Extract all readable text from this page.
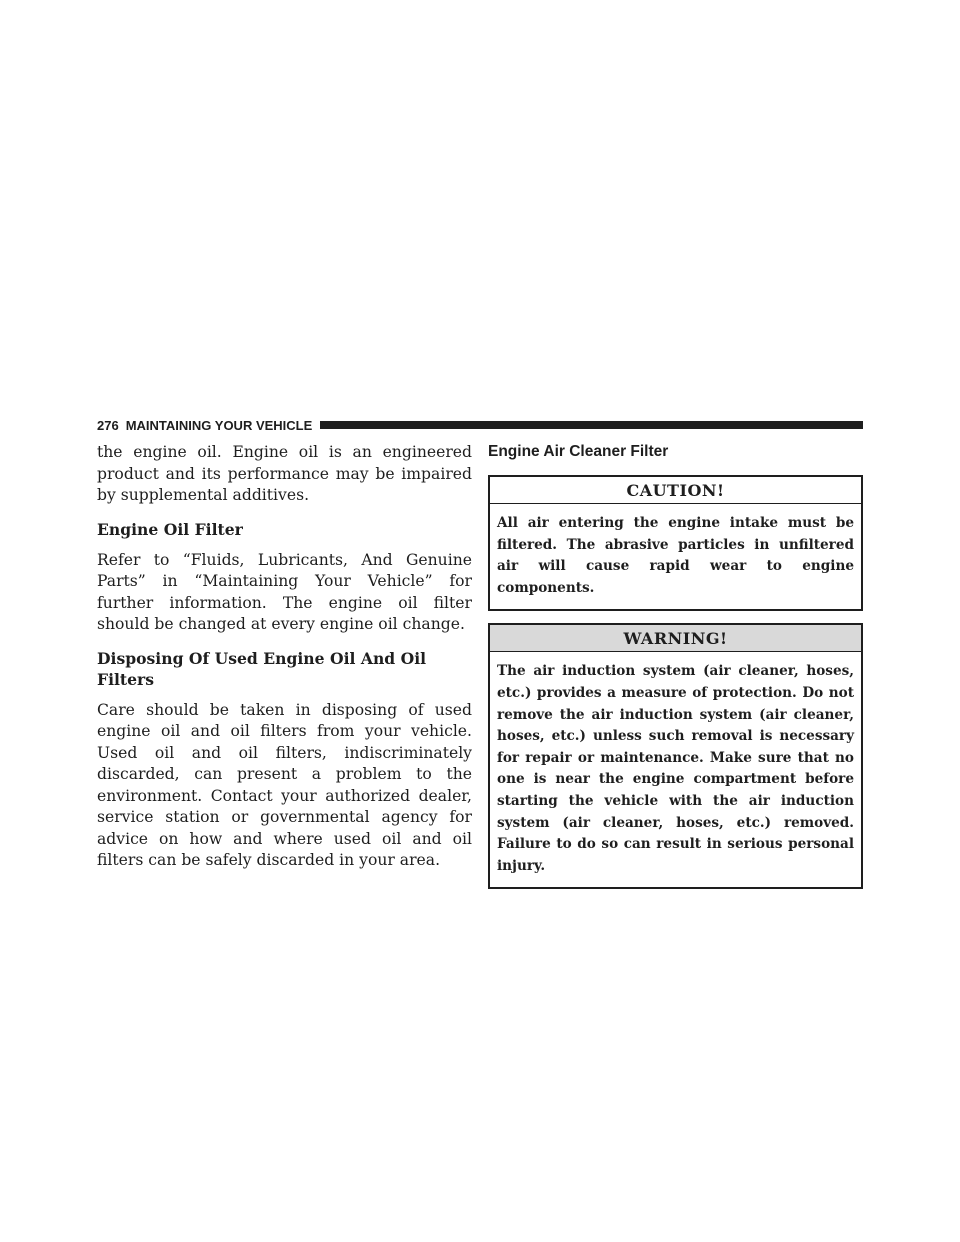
276 MAINTAINING YOUR VEHICLE

the engine oil. Engine oil is an engineered product and its performance may be impaired by supplemental additives.

Engine Oil Filter

Refer to “Fluids, Lubricants, And Genuine Parts” in “Maintaining Your Vehicle” for further information. The engine oil filter should be changed at every engine oil change.

Disposing Of Used Engine Oil And Oil Filters

Care should be taken in disposing of used engine oil and oil filters from your vehicle. Used oil and oil filters, indiscriminately discarded, can present a problem to the environment. Contact your authorized dealer, service station or governmental agency for advice on how and where used oil and oil filters can be safely discarded in your area.

Engine Air Cleaner Filter
CAUTION!
All air entering the engine intake must be filtered. The abrasive particles in unfiltered air will cause rapid wear to engine components.
WARNING!
The air induction system (air cleaner, hoses, etc.) provides a measure of protection. Do not remove the air induction system (air cleaner, hoses, etc.) unless such removal is necessary for repair or maintenance. Make sure that no one is near the engine compartment before starting the vehicle with the air induction system (air cleaner, hoses, etc.) removed. Failure to do so can result in serious personal injury.
